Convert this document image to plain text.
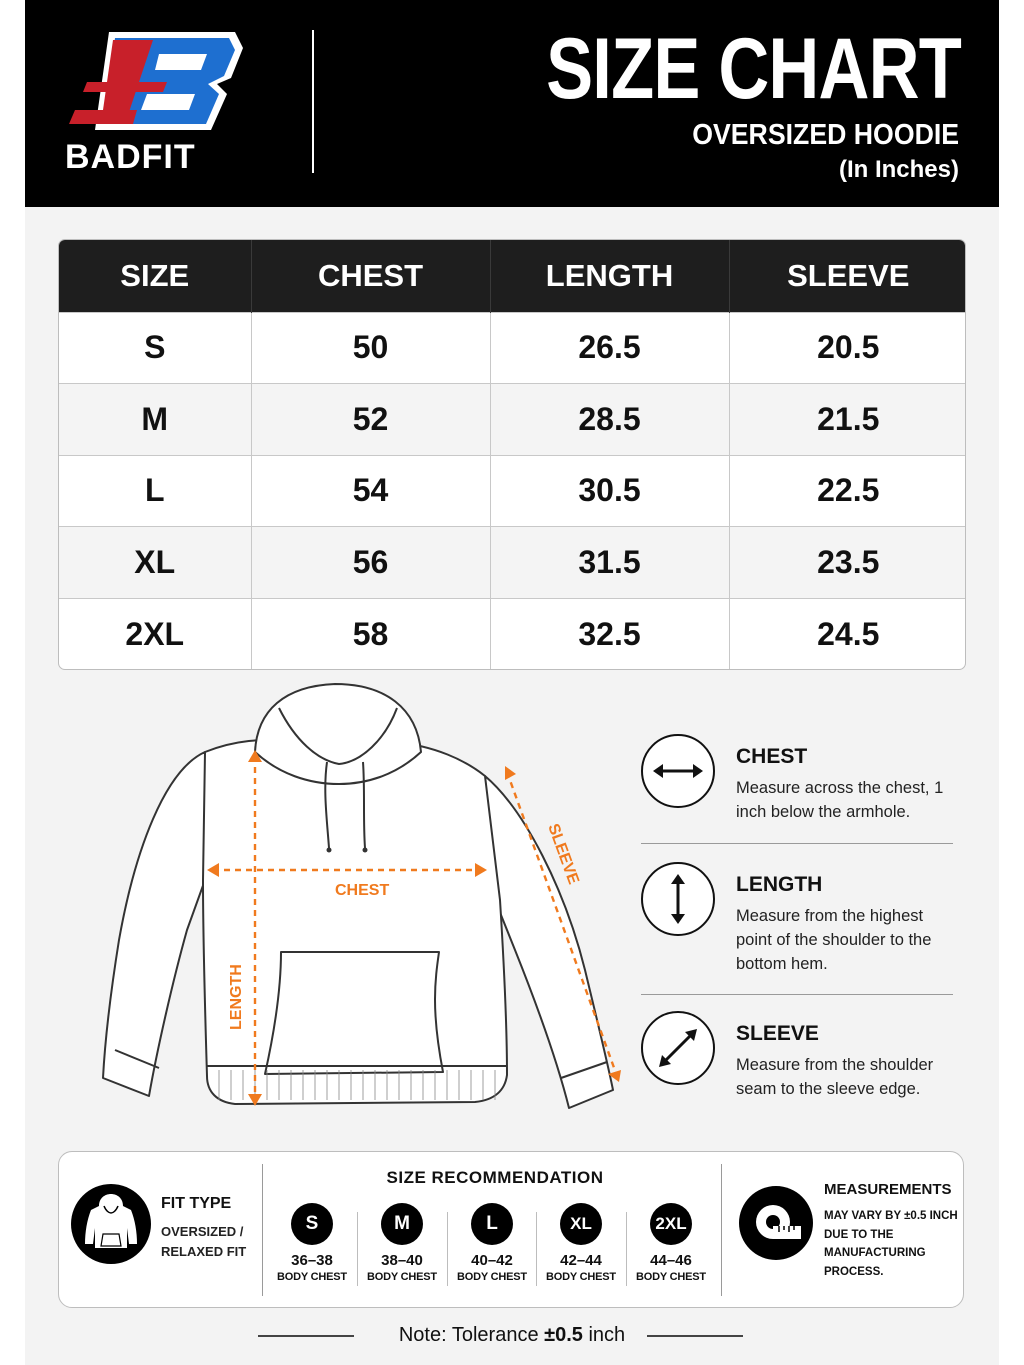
BADFIT
SIZE CHART
OVERSIZED HOODIE
(In Inches)
SIZE	CHEST	LENGTH	SLEEVE
S	50	26.5	20.5
M	52	28.5	21.5
L	54	30.5	22.5
XL	56	31.5	23.5
2XL	58	32.5	24.5
CHEST
LENGTH
SLEEVE
CHEST
Measure across the chest, 1 inch below the armhole.
LENGTH
Measure from the highest point of the shoulder to the bottom hem.
SLEEVE
Measure from the shoulder seam to the sleeve edge.
FIT TYPE
OVERSIZED /
RELAXED FIT
SIZE RECOMMENDATION
S
36–38
BODY CHEST
M
38–40
BODY CHEST
L
40–42
BODY CHEST
XL
42–44
BODY CHEST
2XL
44–46
BODY CHEST
MEASUREMENTS
MAY VARY BY ±0.5 INCH DUE TO THE MANUFACTURING PROCESS.
Note: Tolerance ±0.5 inch
